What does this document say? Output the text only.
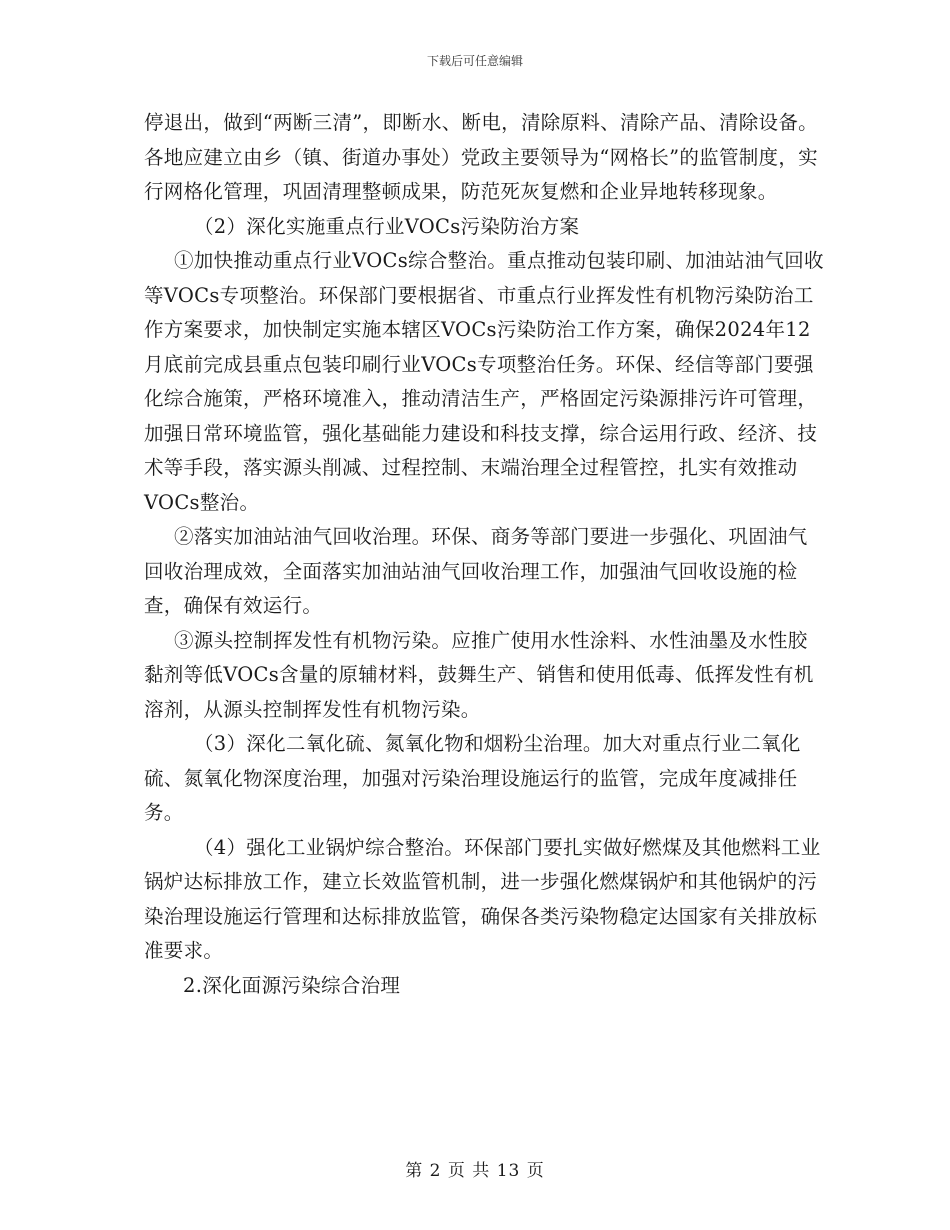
下载后可任意编辑

停退出，做到“两断三清”，即断水、断电，清除原料、清除产品、清除设备。各地应建立由乡（镇、街道办事处）党政主要领导为“网格长”的监管制度，实行网格化管理，巩固清理整顿成果，防范死灰复燃和企业异地转移现象。

（2）深化实施重点行业VOCs污染防治方案

①加快推动重点行业VOCs综合整治。重点推动包装印刷、加油站油气回收等VOCs专项整治。环保部门要根据省、市重点行业挥发性有机物污染防治工作方案要求，加快制定实施本辖区VOCs污染防治工作方案，确保2024年12月底前完成县重点包装印刷行业VOCs专项整治任务。环保、经信等部门要强化综合施策，严格环境准入，推动清洁生产，严格固定污染源排污许可管理，加强日常环境监管，强化基础能力建设和科技支撑，综合运用行政、经济、技术等手段，落实源头削减、过程控制、末端治理全过程管控，扎实有效推动VOCs整治。

②落实加油站油气回收治理。环保、商务等部门要进一步强化、巩固油气回收治理成效，全面落实加油站油气回收治理工作，加强油气回收设施的检查，确保有效运行。

③源头控制挥发性有机物污染。应推广使用水性涂料、水性油墨及水性胶黏剂等低VOCs含量的原辅材料，鼓舞生产、销售和使用低毒、低挥发性有机溶剂，从源头控制挥发性有机物污染。

（3）深化二氧化硫、氮氧化物和烟粉尘治理。加大对重点行业二氧化硫、氮氧化物深度治理，加强对污染治理设施运行的监管，完成年度减排任务。

（4）强化工业锅炉综合整治。环保部门要扎实做好燃煤及其他燃料工业锅炉达标排放工作，建立长效监管机制，进一步强化燃煤锅炉和其他锅炉的污染治理设施运行管理和达标排放监管，确保各类污染物稳定达国家有关排放标准要求。

2.深化面源污染综合治理

第 2 页 共 13 页
